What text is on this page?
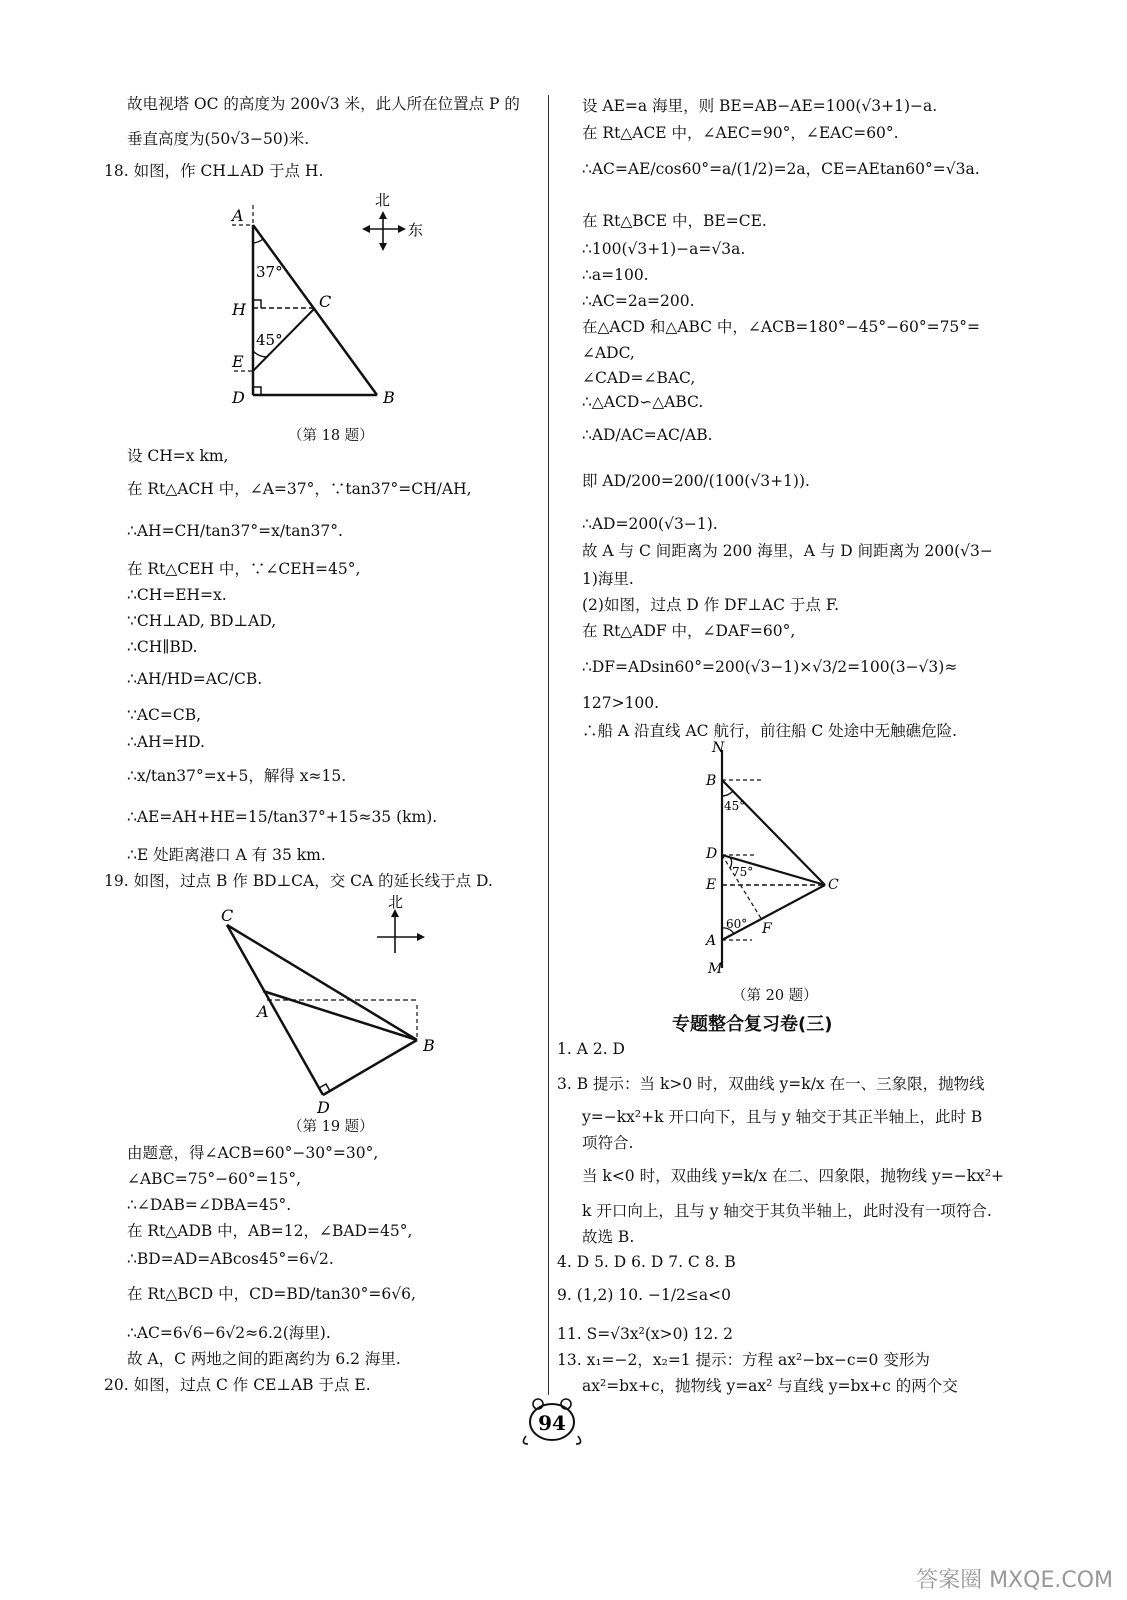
故电视塔 OC 的高度为 200√3 米，此人所在位置点 P 的
垂直高度为(50√3−50)米.
18. 如图，作 CH⊥AD 于点 H.
A
H
E
D
C
B
37°
45°
北
东
（第 18 题）
设 CH=x km,
在 Rt△ACH 中，∠A=37°，∵tan37°=CH/AH,
∴AH=CH/tan37°=x/tan37°.
在 Rt△CEH 中，∵∠CEH=45°,
∴CH=EH=x.
∵CH⊥AD, BD⊥AD,
∴CH∥BD.
∴AH/HD=AC/CB.
∵AC=CB,
∴AH=HD.
∴x/tan37°=x+5，解得 x≈15.
∴AE=AH+HE=15/tan37°+15≈35 (km).
∴E 处距离港口 A 有 35 km.
19. 如图，过点 B 作 BD⊥CA，交 CA 的延长线于点 D.
C
A
B
D
北
（第 19 题）
由题意，得∠ACB=60°−30°=30°,
∠ABC=75°−60°=15°,
∴∠DAB=∠DBA=45°.
在 Rt△ADB 中，AB=12，∠BAD=45°,
∴BD=AD=ABcos45°=6√2.
在 Rt△BCD 中，CD=BD/tan30°=6√6,
∴AC=6√6−6√2≈6.2(海里).
故 A，C 两地之间的距离约为 6.2 海里.
20. 如图，过点 C 作 CE⊥AB 于点 E.
设 AE=a 海里，则 BE=AB−AE=100(√3+1)−a.
在 Rt△ACE 中，∠AEC=90°，∠EAC=60°.
∴AC=AE/cos60°=a/(1/2)=2a，CE=AEtan60°=√3a.
在 Rt△BCE 中，BE=CE.
∴100(√3+1)−a=√3a.
∴a=100.
∴AC=2a=200.
在△ACD 和△ABC 中，∠ACB=180°−45°−60°=75°=
∠ADC,
∠CAD=∠BAC,
∴△ACD∽△ABC.
∴AD/AC=AC/AB.
即 AD/200=200/(100(√3+1)).
∴AD=200(√3−1).
故 A 与 C 间距离为 200 海里，A 与 D 间距离为 200(√3−
1)海里.
(2)如图，过点 D 作 DF⊥AC 于点 F.
在 Rt△ADF 中，∠DAF=60°,
∴DF=ADsin60°=200(√3−1)×√3/2=100(3−√3)≈
127>100.
∴船 A 沿直线 AC 航行，前往船 C 处途中无触礁危险.
N
B
D
E
A
M
C
F
45°
75°
60°
（第 20 题）
专题整合复习卷(三)
1. A 2. D
3. B 提示：当 k>0 时，双曲线 y=k/x 在一、三象限，抛物线
y=−kx²+k 开口向下，且与 y 轴交于其正半轴上，此时 B
项符合.
当 k<0 时，双曲线 y=k/x 在二、四象限，抛物线 y=−kx²+
k 开口向上，且与 y 轴交于其负半轴上，此时没有一项符合.
故选 B.
4. D 5. D 6. D 7. C 8. B
9. (1,2) 10. −1/2≤a<0
11. S=√3x²(x>0) 12. 2
13. x₁=−2，x₂=1 提示：方程 ax²−bx−c=0 变形为
ax²=bx+c，抛物线 y=ax² 与直线 y=bx+c 的两个交
94
答案圈 MXQE.COM
